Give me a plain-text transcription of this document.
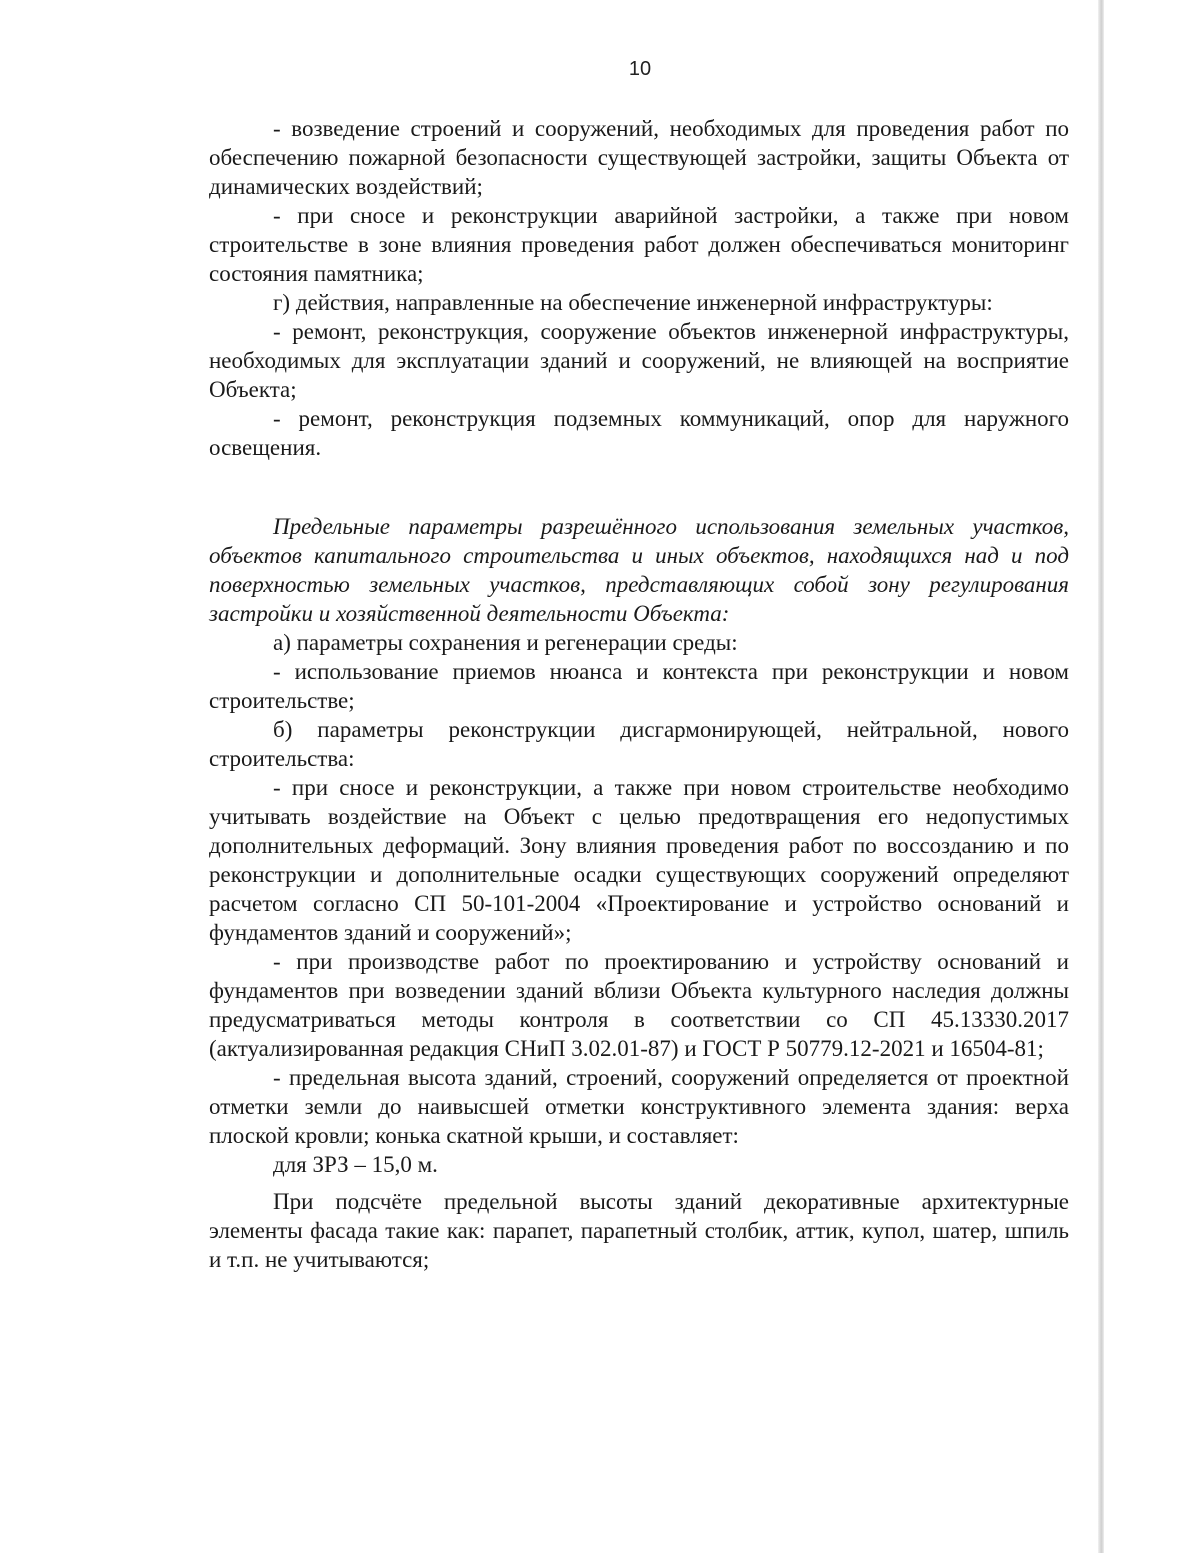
10

- возведение строений и сооружений, необходимых для проведения работ по обеспечению пожарной безопасности существующей застройки, защиты Объекта от динамических воздействий;

- при сносе и реконструкции аварийной застройки, а также при новом строительстве в зоне влияния проведения работ должен обеспечиваться мониторинг состояния памятника;

г) действия, направленные на обеспечение инженерной инфраструктуры:

- ремонт, реконструкция, сооружение объектов инженерной инфраструктуры, необходимых для эксплуатации зданий и сооружений, не влияющей на восприятие Объекта;

- ремонт, реконструкция подземных коммуникаций, опор для наружного освещения.

Предельные параметры разрешённого использования земельных участков, объектов капитального строительства и иных объектов, находящихся над и под поверхностью земельных участков, представляющих собой зону регулирования застройки и хозяйственной деятельности Объекта:

а) параметры сохранения и регенерации среды:

- использование приемов нюанса и контекста при реконструкции и новом строительстве;

б) параметры реконструкции дисгармонирующей, нейтральной, нового строительства:

- при сносе и реконструкции, а также при новом строительстве необходимо учитывать воздействие на Объект с целью предотвращения его недопустимых дополнительных деформаций. Зону влияния проведения работ по воссозданию и по реконструкции и дополнительные осадки существующих сооружений определяют расчетом согласно СП 50-101-2004 «Проектирование и устройство оснований и фундаментов зданий и сооружений»;

- при производстве работ по проектированию и устройству оснований и фундаментов при возведении зданий вблизи Объекта культурного наследия должны предусматриваться методы контроля в соответствии со СП 45.13330.2017 (актуализированная редакция СНиП 3.02.01-87) и ГОСТ Р 50779.12-2021 и 16504-81;

- предельная высота зданий, строений, сооружений определяется от проектной отметки земли до наивысшей отметки конструктивного элемента здания: верха плоской кровли; конька скатной крыши, и составляет:

для ЗРЗ – 15,0 м.

При подсчёте предельной высоты зданий декоративные архитектурные элементы фасада такие как: парапет, парапетный столбик, аттик, купол, шатер, шпиль и т.п. не учитываются;
